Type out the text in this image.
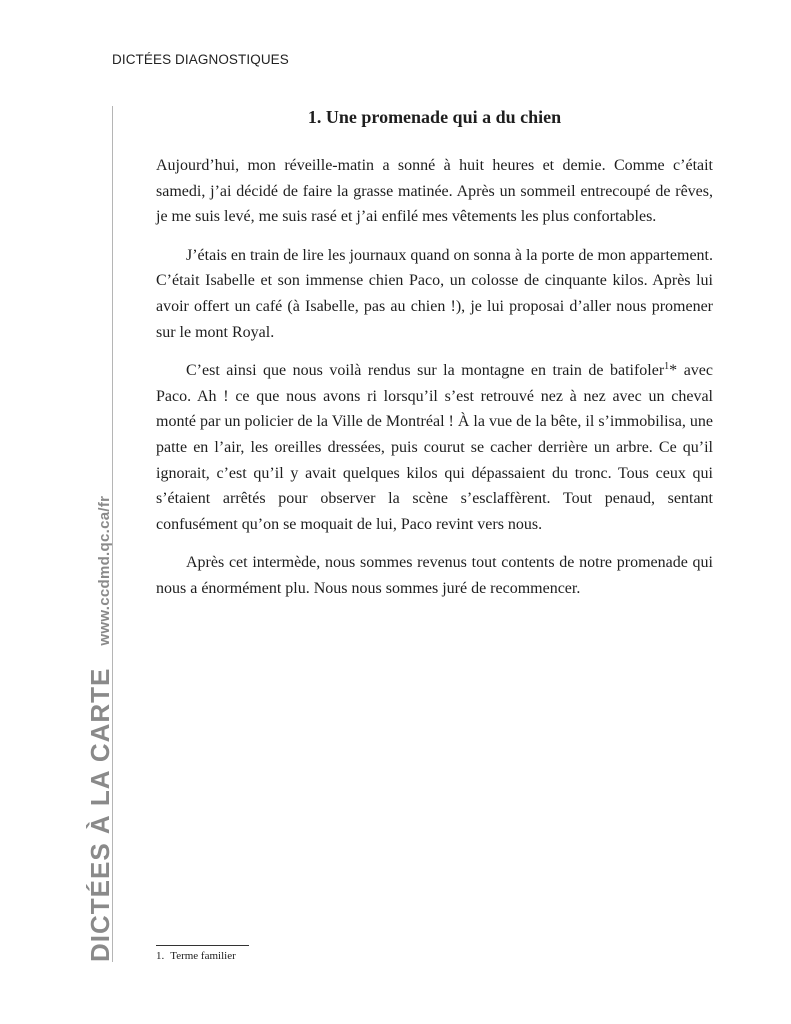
DICTÉES DIAGNOSTIQUES
DICTÉES À LA CARTE
www.ccdmd.qc.ca/fr
1. Une promenade qui a du chien

Aujourd’hui, mon réveille-matin a sonné à huit heures et demie. Comme c’était samedi, j’ai décidé de faire la grasse matinée. Après un sommeil entrecoupé de rêves, je me suis levé, me suis rasé et j’ai enfilé mes vêtements les plus confortables.

J’étais en train de lire les journaux quand on sonna à la porte de mon appartement. C’était Isabelle et son immense chien Paco, un colosse de cinquante kilos. Après lui avoir offert un café (à Isabelle, pas au chien !), je lui proposai d’aller nous promener sur le mont Royal.

C’est ainsi que nous voilà rendus sur la montagne en train de batifoler$^1$* avec Paco. Ah ! ce que nous avons ri lorsqu’il s’est retrouvé nez à nez avec un cheval monté par un policier de la Ville de Montréal ! À la vue de la bête, il s’immobilisa, une patte en l’air, les oreilles dressées, puis courut se cacher derrière un arbre. Ce qu’il ignorait, c’est qu’il y avait quelques kilos qui dépassaient du tronc. Tous ceux qui s’étaient arrêtés pour observer la scène s’esclaffèrent. Tout penaud, sentant confusément qu’on se moquait de lui, Paco revint vers nous.

Après cet intermède, nous sommes revenus tout contents de notre promenade qui nous a énormément plu. Nous nous sommes juré de recommencer.

1. Terme familier
